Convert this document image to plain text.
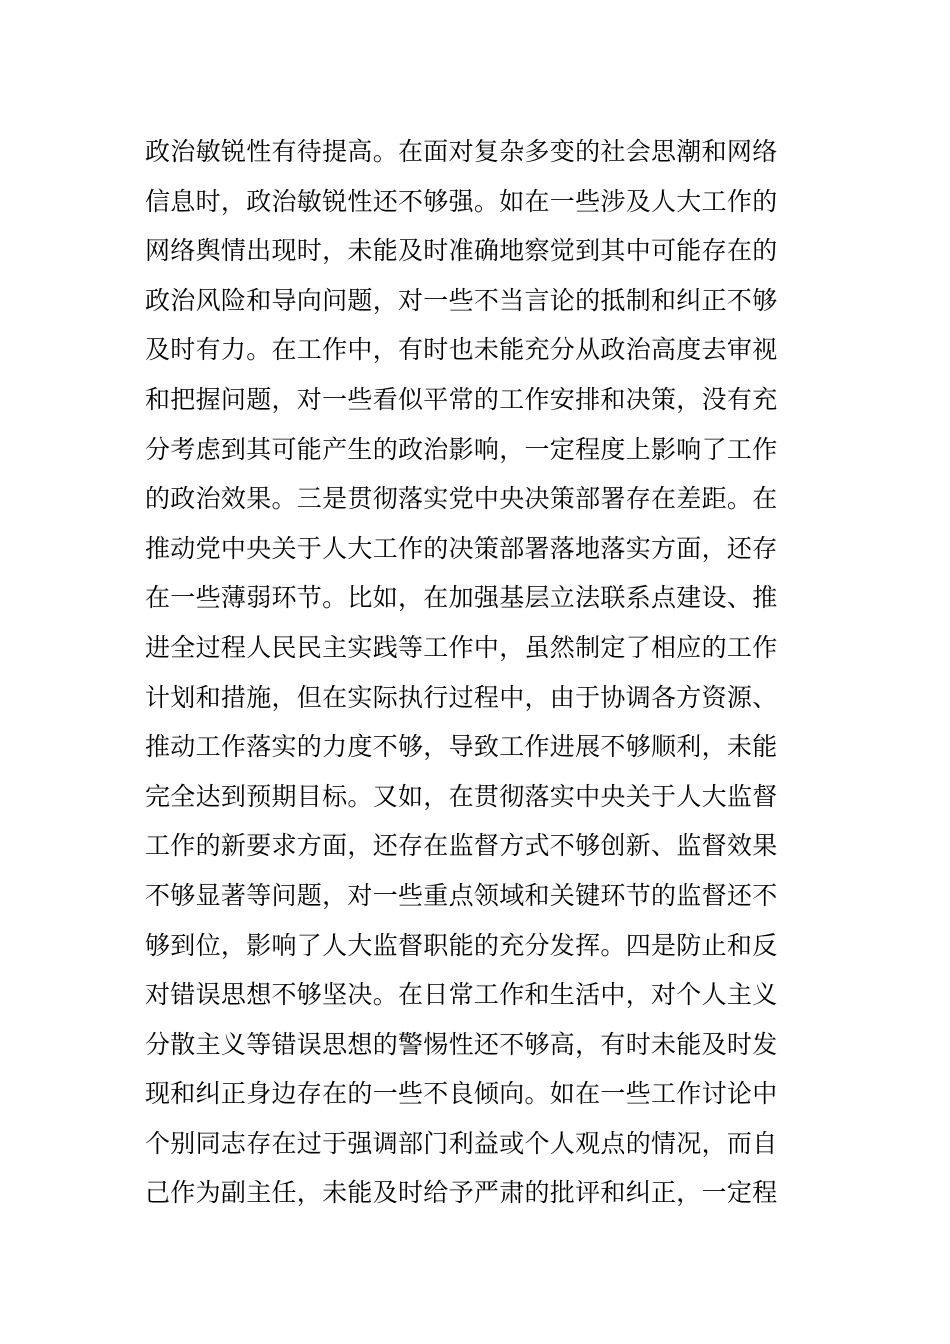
政治敏锐性有待提高。在面对复杂多变的社会思潮和网络
信息时，政治敏锐性还不够强。如在一些涉及人大工作的
网络舆情出现时，未能及时准确地察觉到其中可能存在的
政治风险和导向问题，对一些不当言论的抵制和纠正不够
及时有力。在工作中，有时也未能充分从政治高度去审视
和把握问题，对一些看似平常的工作安排和决策，没有充
分考虑到其可能产生的政治影响，一定程度上影响了工作
的政治效果。三是贯彻落实党中央决策部署存在差距。在
推动党中央关于人大工作的决策部署落地落实方面，还存
在一些薄弱环节。比如，在加强基层立法联系点建设、推
进全过程人民民主实践等工作中，虽然制定了相应的工作
计划和措施，但在实际执行过程中，由于协调各方资源、
推动工作落实的力度不够，导致工作进展不够顺利，未能
完全达到预期目标。又如，在贯彻落实中央关于人大监督
工作的新要求方面，还存在监督方式不够创新、监督效果
不够显著等问题，对一些重点领域和关键环节的监督还不
够到位，影响了人大监督职能的充分发挥。四是防止和反
对错误思想不够坚决。在日常工作和生活中，对个人主义
分散主义等错误思想的警惕性还不够高，有时未能及时发
现和纠正身边存在的一些不良倾向。如在一些工作讨论中
个别同志存在过于强调部门利益或个人观点的情况，而自
己作为副主任，未能及时给予严肃的批评和纠正，一定程
